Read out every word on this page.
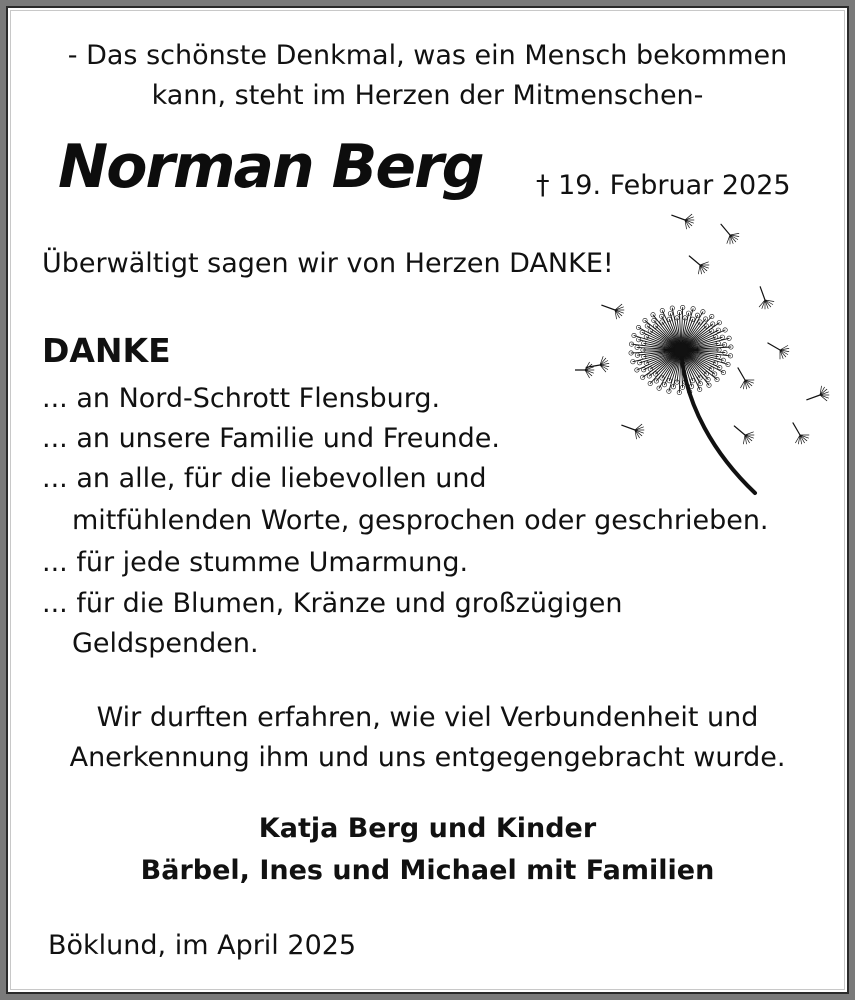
- Das schönste Denkmal, was ein Mensch bekommen
kann, steht im Herzen der Mitmenschen-
Norman Berg † 19. Februar 2025
Überwältigt sagen wir von Herzen DANKE!
DANKE
... an Nord-Schrott Flensburg.
... an unsere Familie und Freunde.
... an alle, für die liebevollen und
mitfühlenden Worte, gesprochen oder geschrieben.
... für jede stumme Umarmung.
... für die Blumen, Kränze und großzügigen
Geldspenden.
Wir durften erfahren, wie viel Verbundenheit und
Anerkennung ihm und uns entgegengebracht wurde.
Katja Berg und Kinder
Bärbel, Ines und Michael mit Familien
Böklund, im April 2025
